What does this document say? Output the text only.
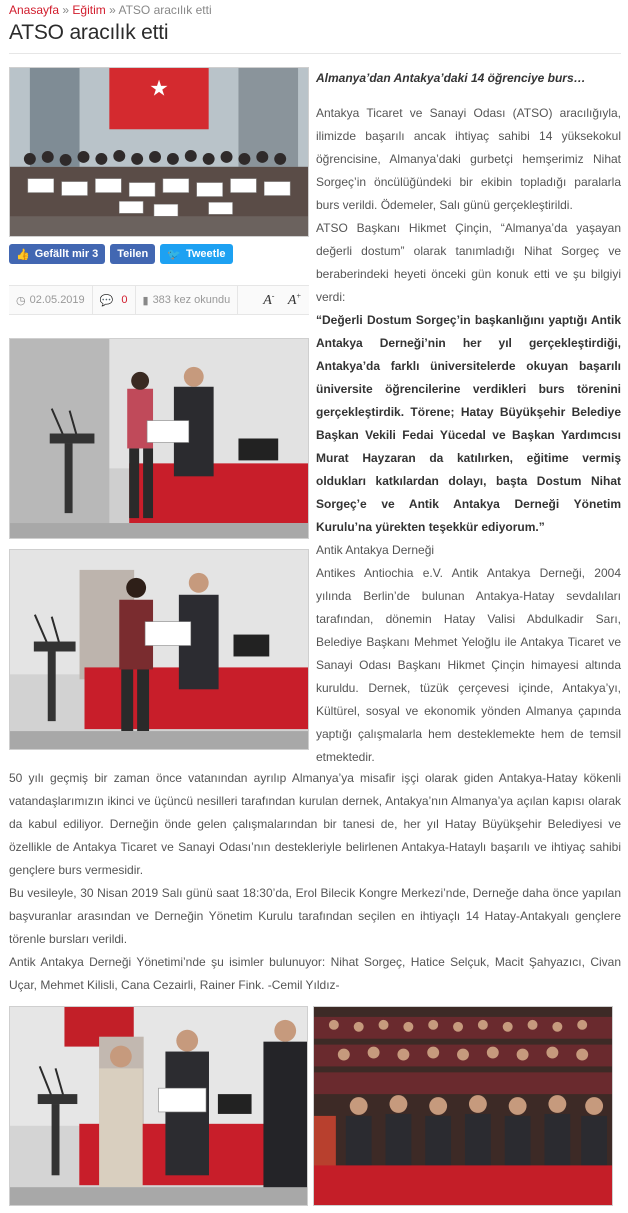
Anasayfa » Eğitim » ATSO aracılık etti
ATSO aracılık etti
★
👍 Gefällt mir 3 Teilen 🐦 Tweetle
◷ 02.05.2019 💬 0 ▮ 383 kez okundu	A- A+

Almanya’dan Antakya’daki 14 öğrenciye burs…

Antakya Ticaret ve Sanayi Odası (ATSO) aracılığıyla, ilimizde başarılı ancak ihtiyaç sahibi 14 yüksekokul öğrencisine, Almanya’daki gurbetçi hemşerimiz Nihat Sorgeç’in öncülüğündeki bir ekibin topladığı paralarla burs verildi. Ödemeler, Salı günü gerçekleştirildi.

ATSO Başkanı Hikmet Çinçin, “Almanya’da yaşayan değerli dostum” olarak tanımladığı Nihat Sorgeç ve beraberindeki heyeti önceki gün konuk etti ve şu bilgiyi verdi:

“Değerli Dostum Sorgeç’in başkanlığını yaptığı Antik Antakya Derneği’nin her yıl gerçekleştirdiği, Antakya’da farklı üniversitelerde okuyan başarılı üniversite öğrencilerine verdikleri burs törenini gerçekleştirdik. Törene; Hatay Büyükşehir Belediye Başkan Vekili Fedai Yücedal ve Başkan Yardımcısı Murat Hayzaran da katılırken, eğitime vermiş oldukları katkılardan dolayı, başta Dostum Nihat Sorgeç’e ve Antik Antakya Derneği Yönetim Kurulu’na yürekten teşekkür ediyorum.”

Antik Antakya Derneği

Antikes Antiochia e.V. Antik Antakya Derneği, 2004 yılında Berlin’de bulunan Antakya-Hatay sevdalıları tarafından, dönemin Hatay Valisi Abdulkadir Sarı, Belediye Başkanı Mehmet Yeloğlu ile Antakya Ticaret ve Sanayi Odası Başkanı Hikmet Çinçin himayesi altında kuruldu. Dernek, tüzük çerçevesi içinde, Antakya’yı, Kültürel, sosyal ve ekonomik yönden Almanya çapında yaptığı çalışmalarla hem desteklemekte hem de temsil etmektedir.

50 yılı geçmiş bir zaman önce vatanından ayrılıp Almanya’ya misafir işçi olarak giden Antakya-Hatay kökenli vatandaşlarımızın ikinci ve üçüncü nesilleri tarafından kurulan dernek, Antakya’nın Almanya’ya açılan kapısı olarak da kabul ediliyor. Derneğin önde gelen çalışmalarından bir tanesi de, her yıl Hatay Büyükşehir Belediyesi ve özellikle de Antakya Ticaret ve Sanayi Odası’nın destekleriyle belirlenen Antakya-Hataylı başarılı ve ihtiyaç sahibi gençlere burs vermesidir.

Bu vesileyle, 30 Nisan 2019 Salı günü saat 18:30’da, Erol Bilecik Kongre Merkezi’nde, Derneğe daha önce yapılan başvuranlar arasından ve Derneğin Yönetim Kurulu tarafından seçilen en ihtiyaçlı 14 Hatay-Antakyalı gençlere törenle bursları verildi.

Antik Antakya Derneği Yönetimi’nde şu isimler bulunuyor: Nihat Sorgeç, Hatice Selçuk, Macit Şahyazıcı, Civan Uçar, Mehmet Kilisli, Cana Cezairli, Rainer Fink. -Cemil Yıldız-
